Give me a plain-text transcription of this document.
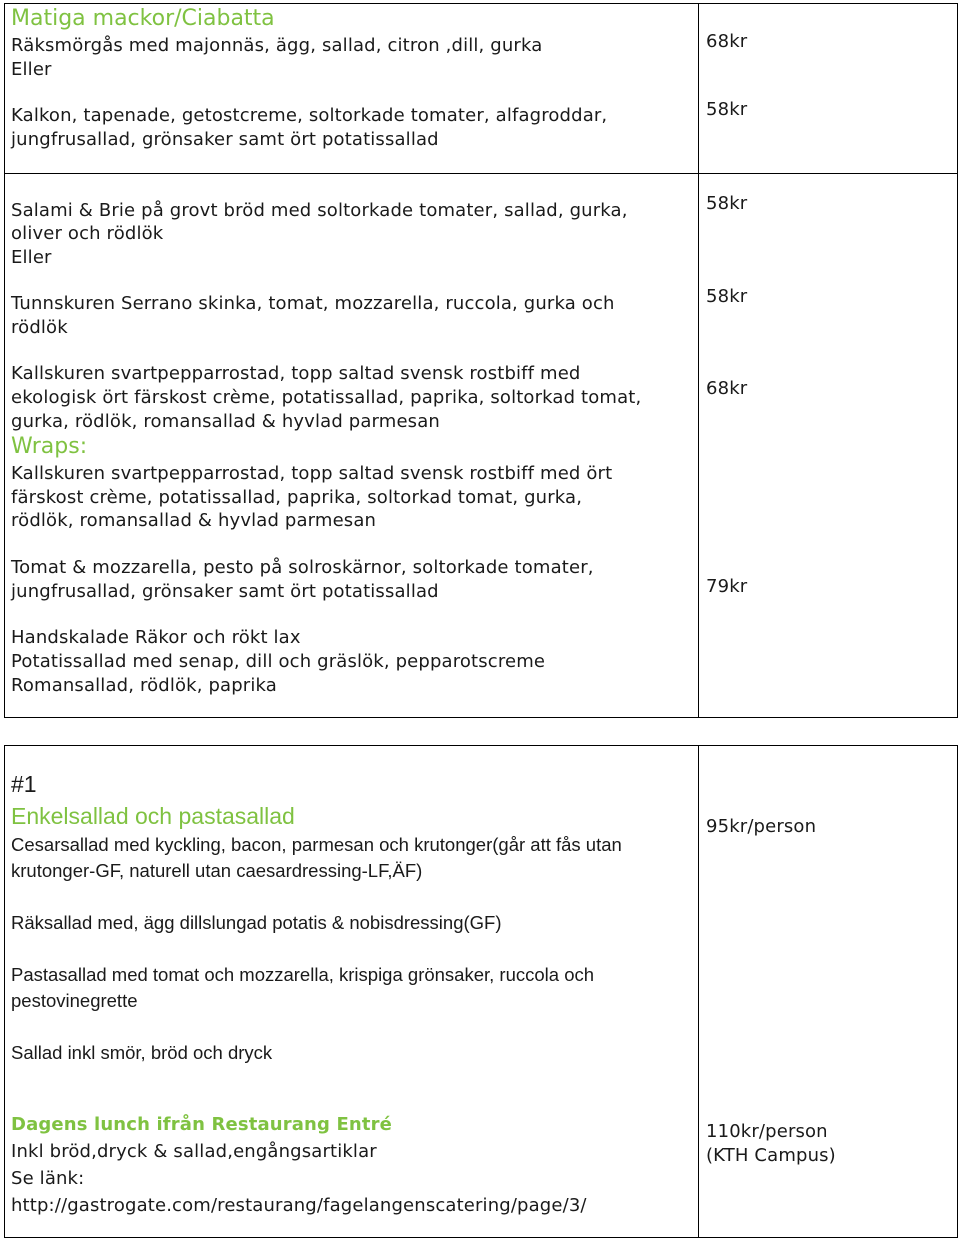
Matiga mackor/Ciabatta
Räksmörgås med majonnäs, ägg, sallad, citron ,dill, gurka
Eller
Kalkon, tapenade, getostcreme, soltorkade tomater, alfagroddar,
jungfrusallad, grönsaker samt ört potatissallad
Salami & Brie på grovt bröd med soltorkade tomater, sallad, gurka,
oliver och rödlök
Eller
Tunnskuren Serrano skinka, tomat, mozzarella, ruccola, gurka och
rödlök
Kallskuren svartpepparrostad, topp saltad svensk rostbiff med
ekologisk ört färskost crème, potatissallad, paprika, soltorkad tomat,
gurka, rödlök, romansallad & hyvlad parmesan
68kr
58kr
58kr
58kr
68kr
Wraps:
Kallskuren svartpepparrostad, topp saltad svensk rostbiff med ört
färskost crème, potatissallad, paprika, soltorkad tomat, gurka,
rödlök, romansallad & hyvlad parmesan
Tomat & mozzarella, pesto på solroskärnor, soltorkade tomater,
jungfrusallad, grönsaker samt ört potatissallad
Handskalade Räkor och rökt lax
Potatissallad med senap, dill och gräslök, pepparotscreme
Romansallad, rödlök, paprika
79kr
#1
Enkelsallad och pastasallad
Cesarsallad med kyckling, bacon, parmesan och krutonger(går att fås utan
krutonger-GF, naturell utan caesardressing-LF,ÄF)
Räksallad med, ägg dillslungad potatis & nobisdressing(GF)
Pastasallad med tomat och mozzarella, krispiga grönsaker, ruccola och
pestovinegrette
Sallad inkl smör, bröd och dryck
95kr/person
Dagens lunch ifrån Restaurang Entré
Inkl bröd,dryck & sallad,engångsartiklar
Se länk:
http://gastrogate.com/restaurang/fagelangenscatering/page/3/
110kr/person
(KTH Campus)
